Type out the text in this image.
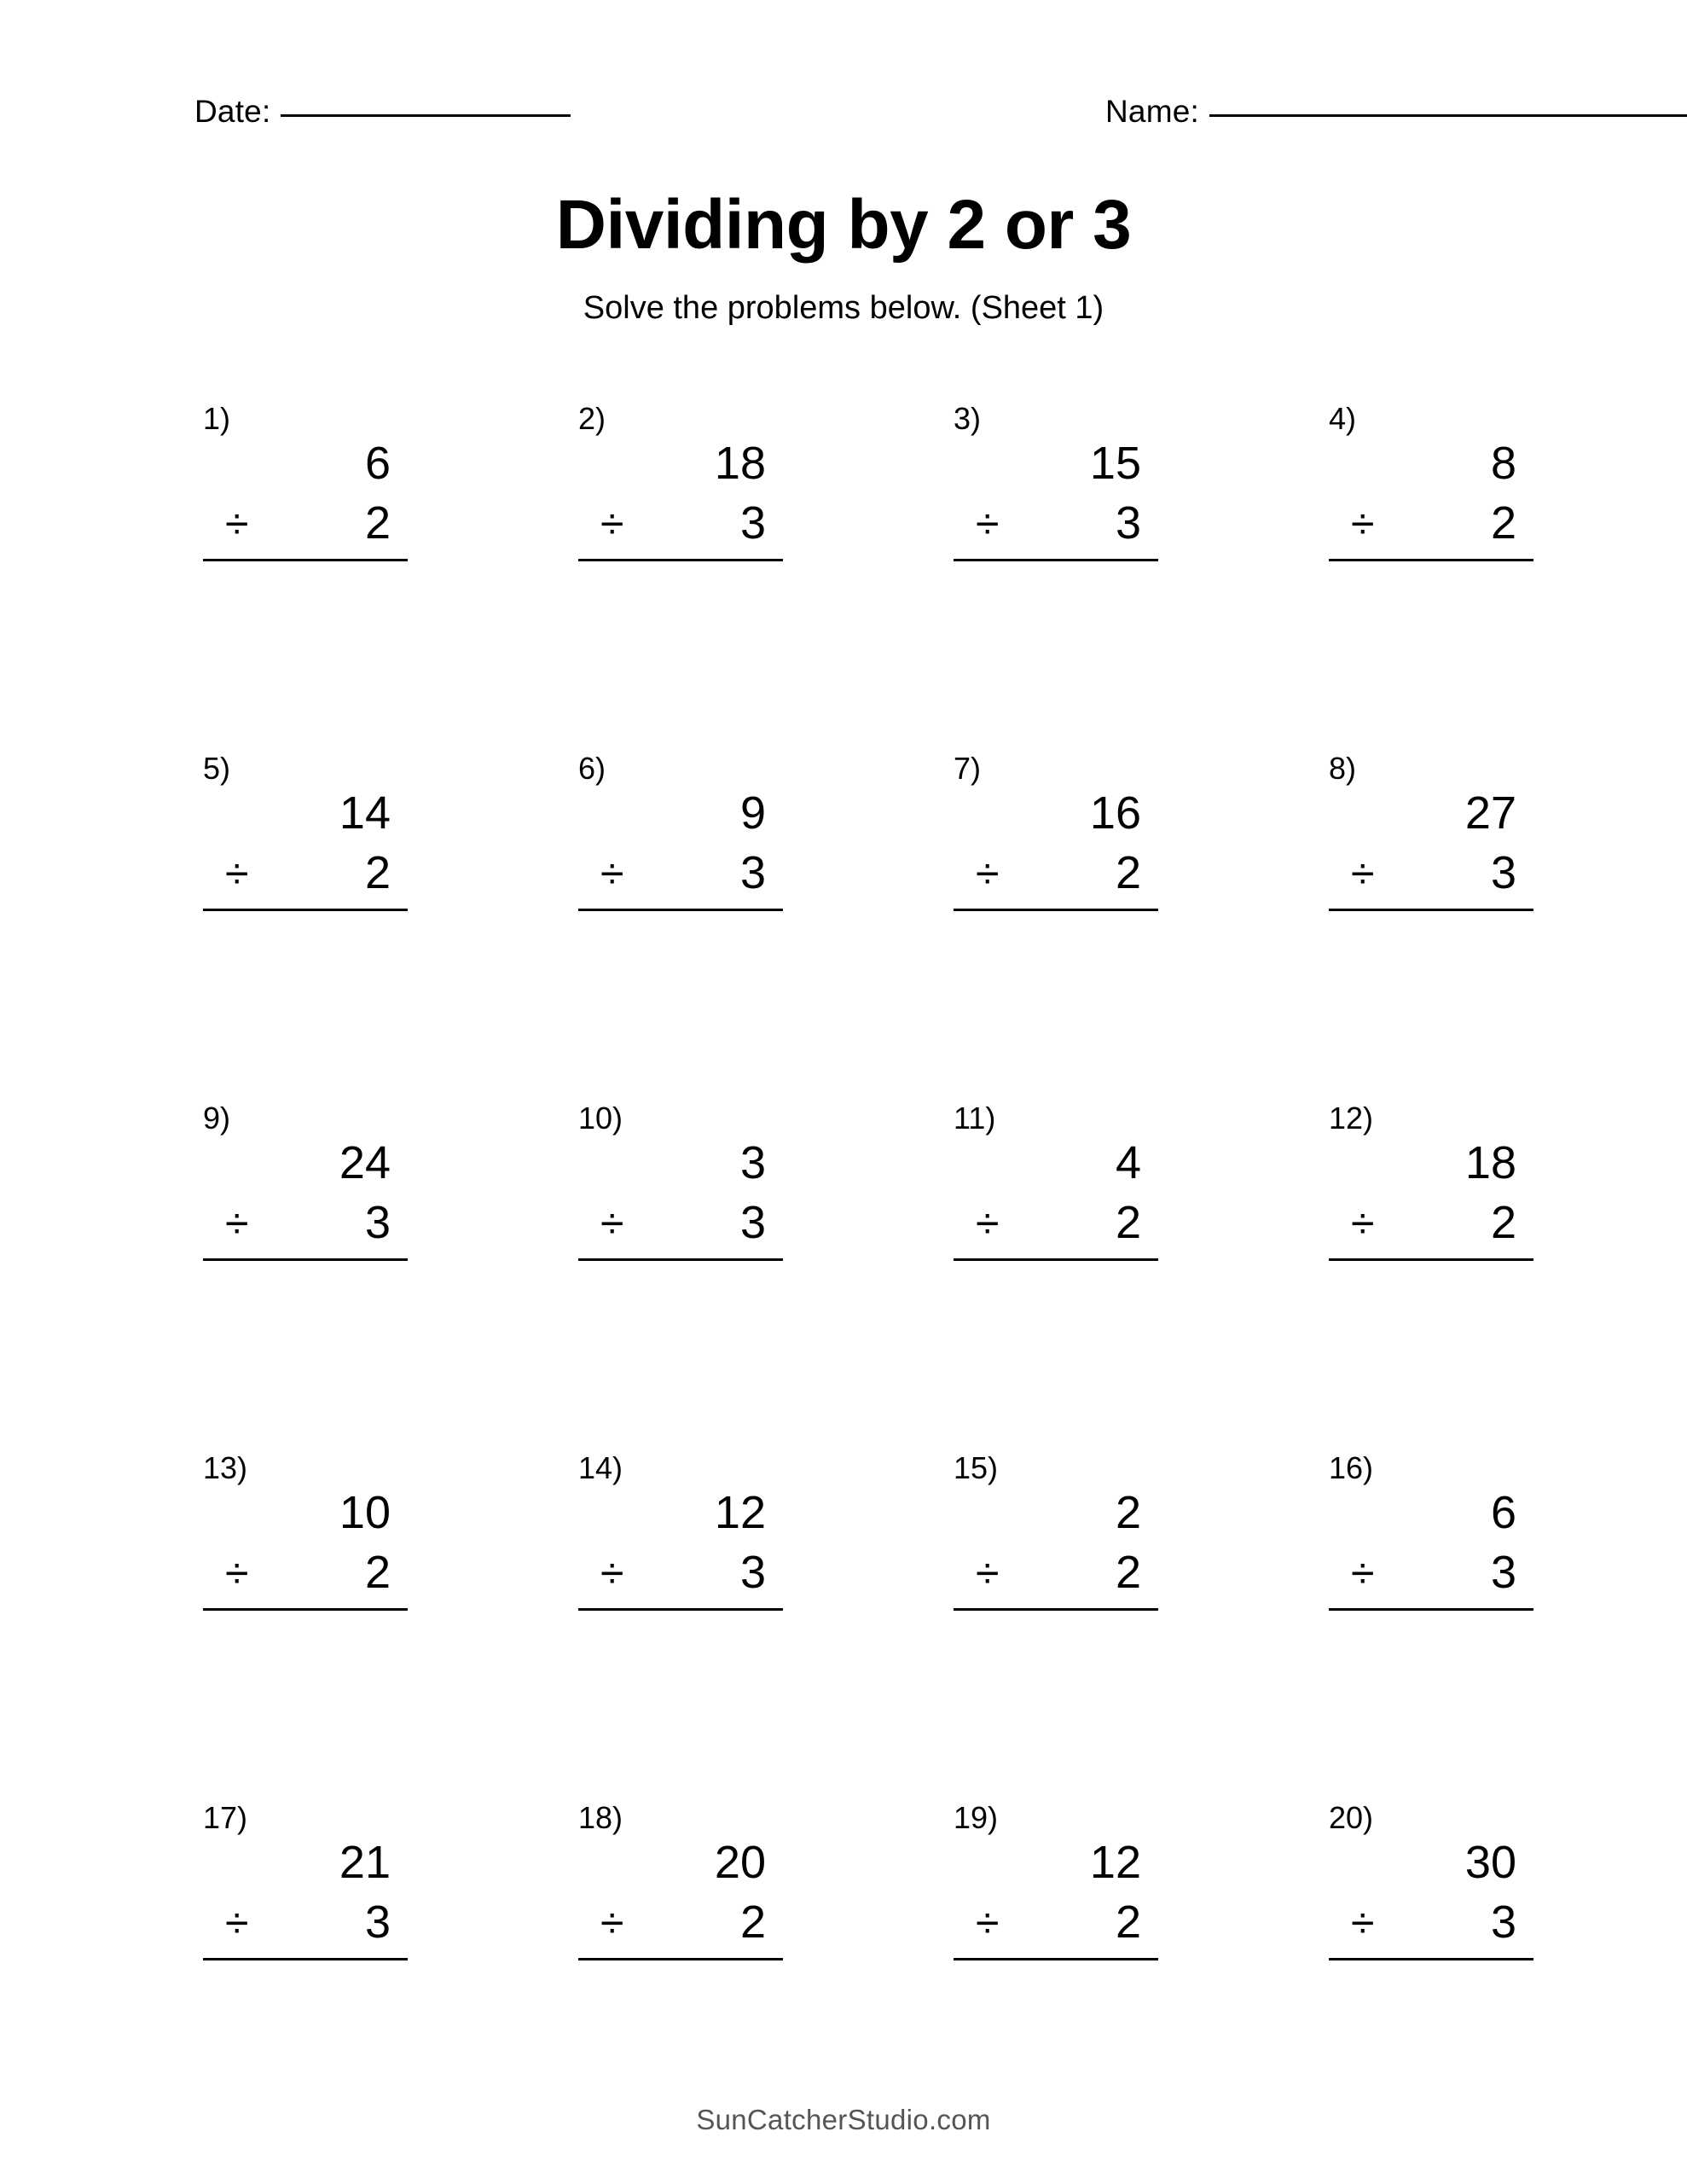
Date:	Name:
Dividing by 2 or 3
Solve the problems below. (Sheet 1)
1)
6
÷	2
2)
18
÷	3
3)
15
÷	3
4)
8
÷	2
5)
14
÷	2
6)
9
÷	3
7)
16
÷	2
8)
27
÷	3
9)
24
÷	3
10)
3
÷	3
11)
4
÷	2
12)
18
÷	2
13)
10
÷	2
14)
12
÷	3
15)
2
÷	2
16)
6
÷	3
17)
21
÷	3
18)
20
÷	2
19)
12
÷	2
20)
30
÷	3
SunCatcherStudio.com
